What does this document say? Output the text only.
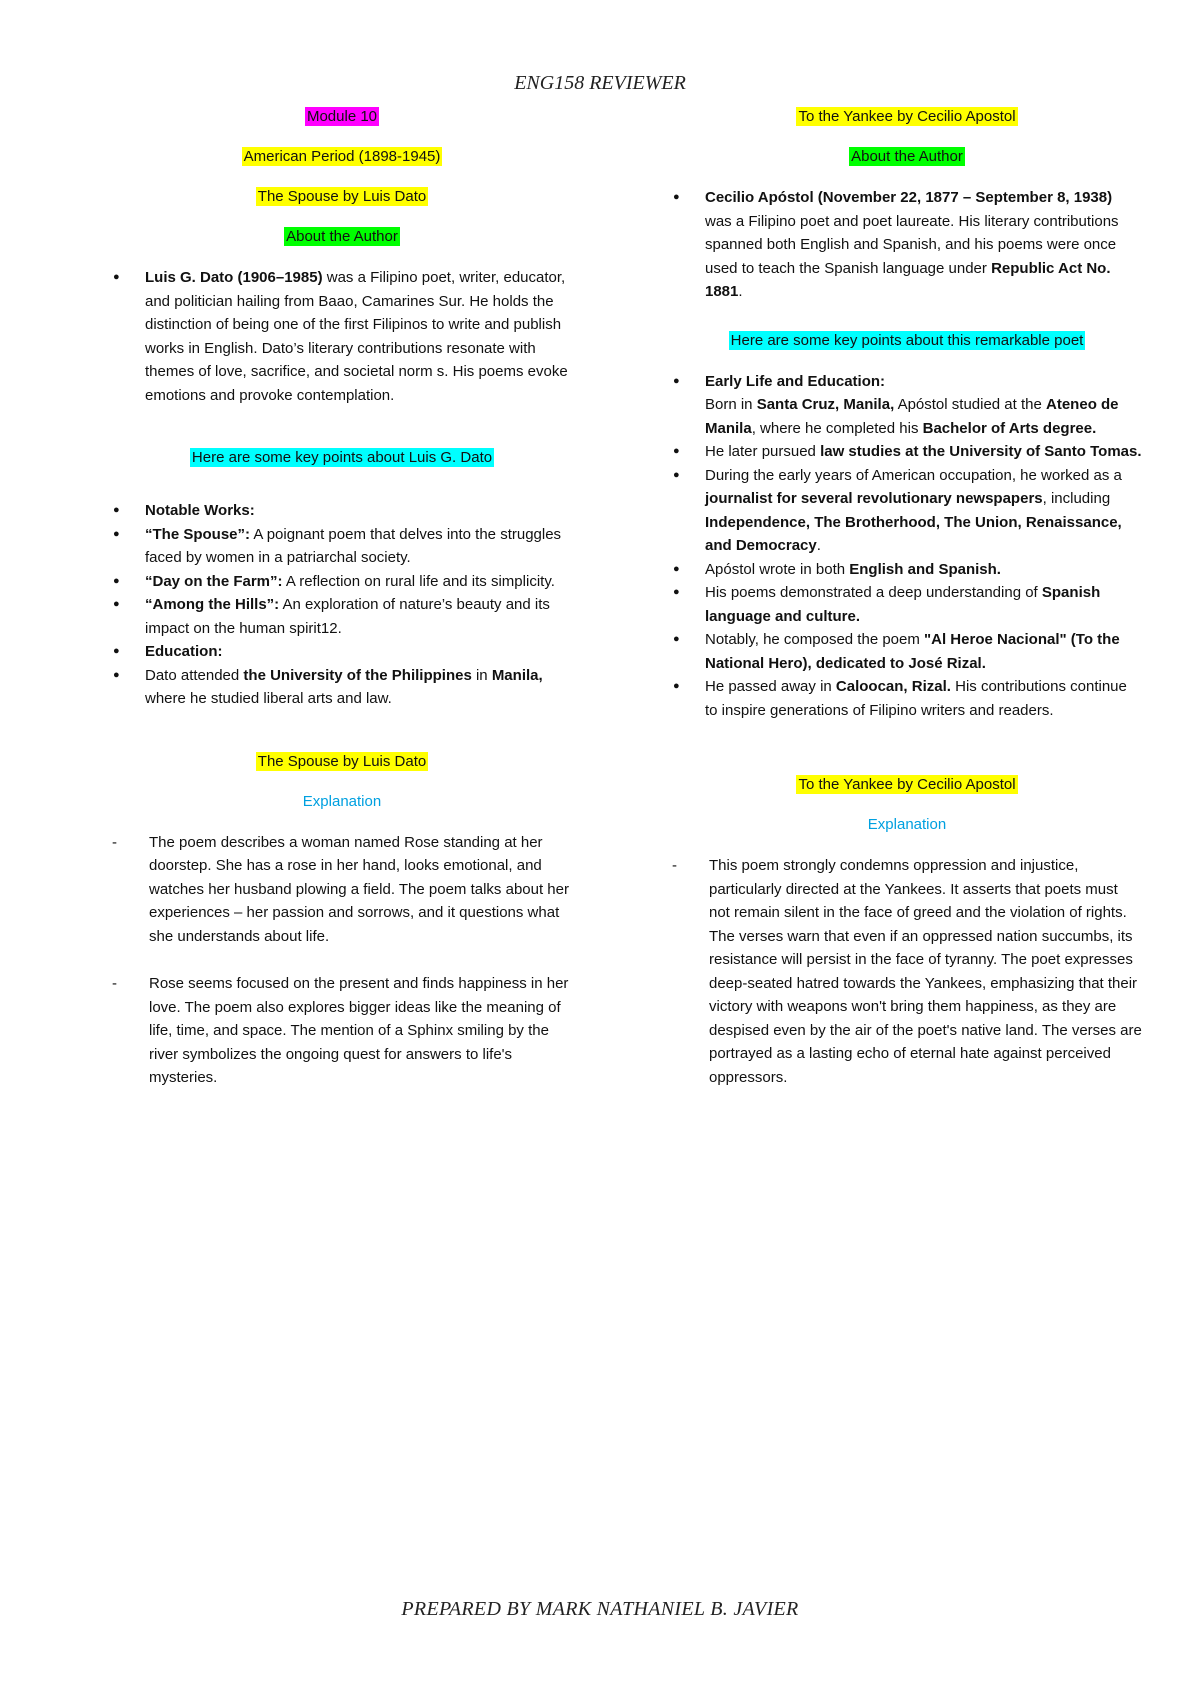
ENG158 REVIEWER

Module 10

American Period (1898-1945)

The Spouse by Luis Dato

About the Author

● Luis G. Dato (1906–1985) was a Filipino poet, writer, educator, and politician hailing from Baao, Camarines Sur. He holds the distinction of being one of the first Filipinos to write and publish works in English. Dato’s literary contributions resonate with themes of love, sacrifice, and societal norm s. His poems evoke emotions and provoke contemplation.

Here are some key points about Luis G. Dato

● Notable Works:
● “The Spouse”: A poignant poem that delves into the struggles faced by women in a patriarchal society.
● “Day on the Farm”: A reflection on rural life and its simplicity.
● “Among the Hills”: An exploration of nature’s beauty and its impact on the human spirit12.
● Education:
● Dato attended the University of the Philippines in Manila, where he studied liberal arts and law.

The Spouse by Luis Dato

Explanation

- The poem describes a woman named Rose standing at her doorstep. She has a rose in her hand, looks emotional, and watches her husband plowing a field. The poem talks about her experiences – her passion and sorrows, and it questions what she understands about life.
- Rose seems focused on the present and finds happiness in her love. The poem also explores bigger ideas like the meaning of life, time, and space. The mention of a Sphinx smiling by the river symbolizes the ongoing quest for answers to life's mysteries.

To the Yankee by Cecilio Apostol

About the Author

● Cecilio Apóstol (November 22, 1877 – September 8, 1938) was a Filipino poet and poet laureate. His literary contributions spanned both English and Spanish, and his poems were once used to teach the Spanish language under Republic Act No. 1881.

Here are some key points about this remarkable poet

● Early Life and Education:
Born in Santa Cruz, Manila, Apóstol studied at the Ateneo de Manila, where he completed his Bachelor of Arts degree.
● He later pursued law studies at the University of Santo Tomas.
● During the early years of American occupation, he worked as a journalist for several revolutionary newspapers, including Independence, The Brotherhood, The Union, Renaissance, and Democracy.
● Apóstol wrote in both English and Spanish.
● His poems demonstrated a deep understanding of Spanish language and culture.
● Notably, he composed the poem "Al Heroe Nacional" (To the National Hero), dedicated to José Rizal.
● He passed away in Caloocan, Rizal. His contributions continue to inspire generations of Filipino writers and readers.

To the Yankee by Cecilio Apostol

Explanation

- This poem strongly condemns oppression and injustice, particularly directed at the Yankees. It asserts that poets must not remain silent in the face of greed and the violation of rights. The verses warn that even if an oppressed nation succumbs, its resistance will persist in the face of tyranny. The poet expresses deep-seated hatred towards the Yankees, emphasizing that their victory with weapons won't bring them happiness, as they are despised even by the air of the poet's native land. The verses are portrayed as a lasting echo of eternal hate against perceived oppressors.
PREPARED BY MARK NATHANIEL B. JAVIER
